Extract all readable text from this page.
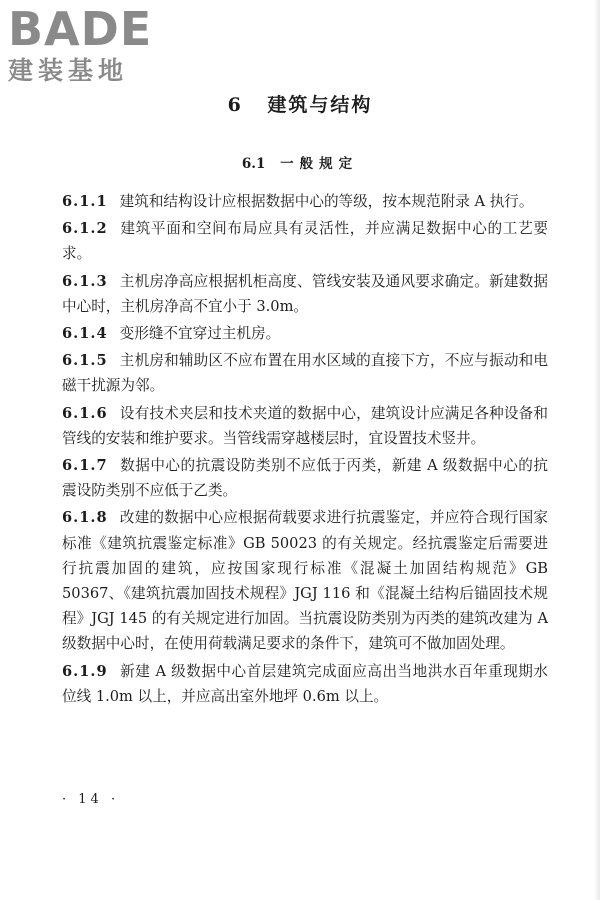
BADE
建装基地
6 建筑与结构
6.1 一般规定

6.1.1 建筑和结构设计应根据数据中心的等级，按本规范附录 A 执行。

6.1.2 建筑平面和空间布局应具有灵活性，并应满足数据中心的工艺要求。

6.1.3 主机房净高应根据机柜高度、管线安装及通风要求确定。新建数据中心时，主机房净高不宜小于 3.0m。

6.1.4 变形缝不宜穿过主机房。

6.1.5 主机房和辅助区不应布置在用水区域的直接下方，不应与振动和电磁干扰源为邻。

6.1.6 设有技术夹层和技术夹道的数据中心，建筑设计应满足各种设备和管线的安装和维护要求。当管线需穿越楼层时，宜设置技术竖井。

6.1.7 数据中心的抗震设防类别不应低于丙类，新建 A 级数据中心的抗震设防类别不应低于乙类。

6.1.8 改建的数据中心应根据荷载要求进行抗震鉴定，并应符合现行国家标准《建筑抗震鉴定标准》GB 50023 的有关规定。经抗震鉴定后需要进行抗震加固的建筑，应按国家现行标准《混凝土加固结构规范》GB 50367、《建筑抗震加固技术规程》JGJ 116 和《混凝土结构后锚固技术规程》JGJ 145 的有关规定进行加固。当抗震设防类别为丙类的建筑改建为 A 级数据中心时，在使用荷载满足要求的条件下，建筑可不做加固处理。

6.1.9 新建 A 级数据中心首层建筑完成面应高出当地洪水百年重现期水位线 1.0m 以上，并应高出室外地坪 0.6m 以上。

· 14 ·
